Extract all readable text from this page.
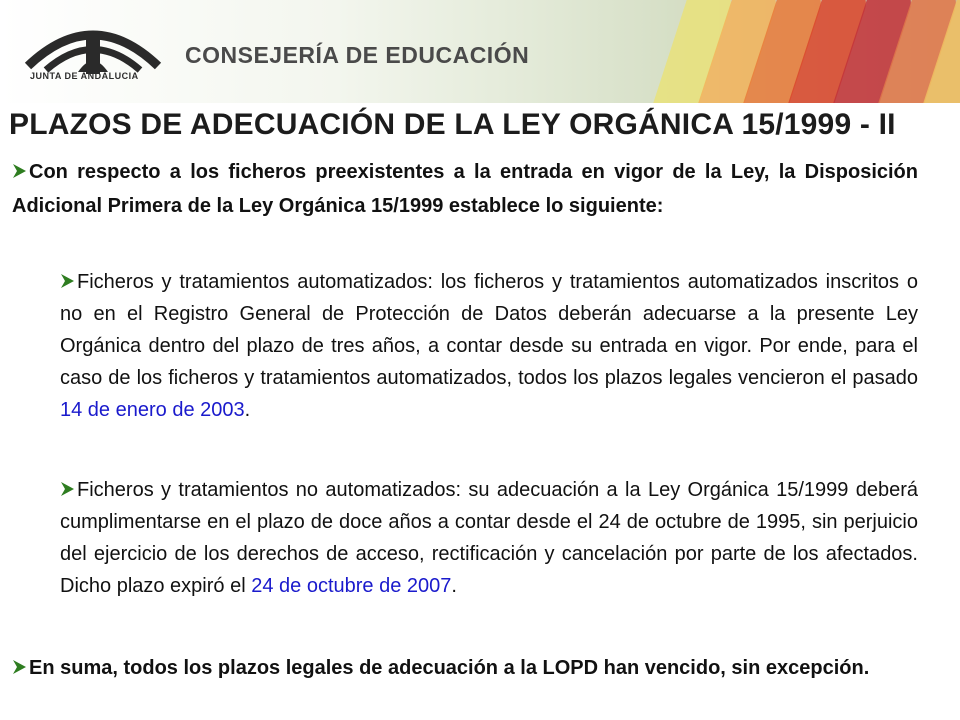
JUNTA DE ANDALUCIA
CONSEJERÍA DE EDUCACIÓN
PLAZOS DE ADECUACIÓN DE LA LEY ORGÁNICA 15/1999 - II
Con respecto a los ficheros preexistentes a la entrada en vigor de la Ley, la Disposición Adicional Primera de la Ley Orgánica 15/1999 establece lo siguiente:
Ficheros y tratamientos automatizados: los ficheros y tratamientos automatizados inscritos o no en el Registro General de Protección de Datos deberán adecuarse a la presente Ley Orgánica dentro del plazo de tres años, a contar desde su entrada en vigor. Por ende, para el caso de los ficheros y tratamientos automatizados, todos los plazos legales vencieron el pasado 14 de enero de 2003.
Ficheros y tratamientos no automatizados: su adecuación a la Ley Orgánica 15/1999 deberá cumplimentarse en el plazo de doce años a contar desde el 24 de octubre de 1995, sin perjuicio del ejercicio de los derechos de acceso, rectificación y cancelación por parte de los afectados. Dicho plazo expiró el 24 de octubre de 2007.
En suma, todos los plazos legales de adecuación a la LOPD han vencido, sin excepción.
